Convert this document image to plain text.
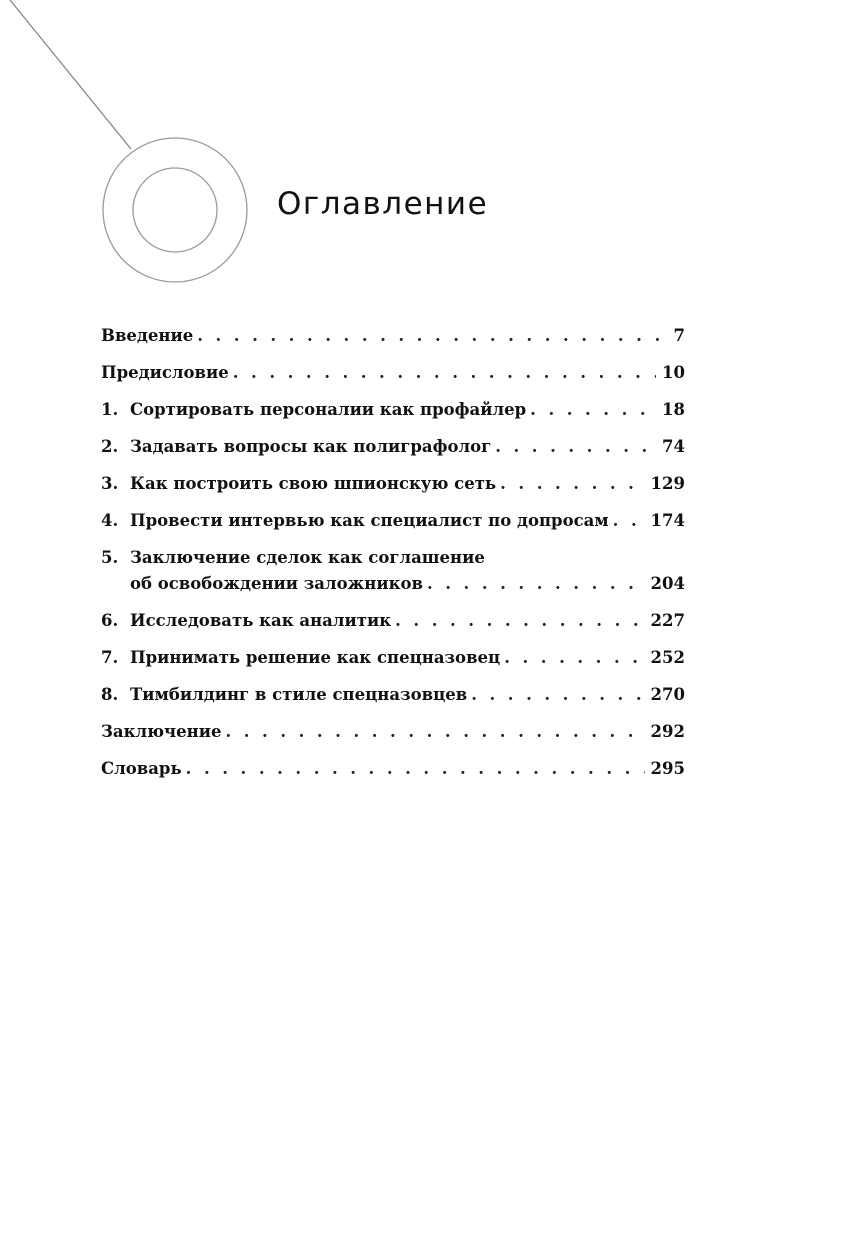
Оглавление
Введение . . .	7
Предисловие . . .	10
1. Сортировать персоналии как профайлер . . .	18
2. Задавать вопросы как полиграфолог . . .	74
3. Как построить свою шпионскую сеть . . .	129
4. Провести интервью как специалист по допросам . . .	174
5. Заключение сделок как соглашение
об освобождении заложников . . .	204
6. Исследовать как аналитик . . .	227
7. Принимать решение как спецназовец . . .	252
8. Тимбилдинг в стиле спецназовцев . . .	270
Заключение . . .	292
Словарь . . .	295
